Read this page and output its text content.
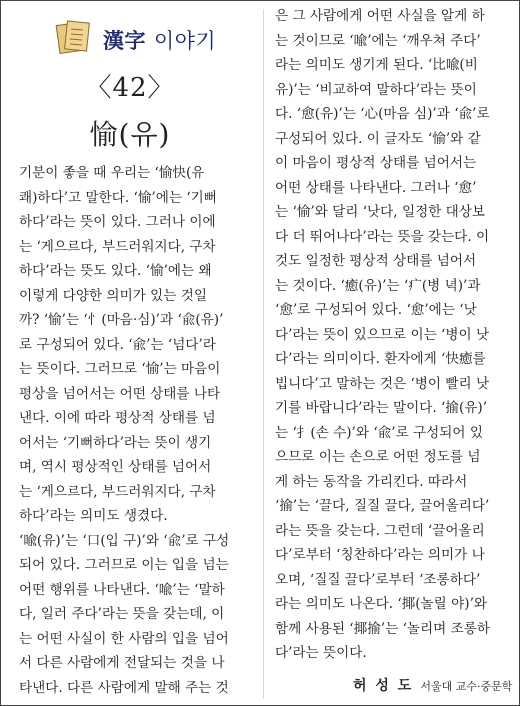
漢字 이야기
〈42〉
愉(유)
기분이 좋을 때 우리는 ‘愉快(유
쾌)하다’고 말한다. ‘愉’에는 ‘기뻐
하다’라는 뜻이 있다. 그러나 이에
는 ‘게으르다, 부드러워지다, 구차
하다’라는 뜻도 있다. ‘愉’에는 왜
이렇게 다양한 의미가 있는 것일
까? ‘愉’는 ‘忄(마음·심)’과 ‘兪(유)’
로 구성되어 있다. ‘兪’는 ‘넘다’라
는 뜻이다. 그러므로 ‘愉’는 마음이
평상을 넘어서는 어떤 상태를 나타
낸다. 이에 따라 평상적 상태를 넘
어서는 ‘기뻐하다’라는 뜻이 생기
며, 역시 평상적인 상태를 넘어서
는 ‘게으르다, 부드러워지다, 구차
하다’라는 의미도 생겼다.
‘喩(유)’는 ‘口(입 구)’와 ‘兪’로 구성
되어 있다. 그러므로 이는 입을 넘는
어떤 행위를 나타낸다. ‘喩’는 ‘말하
다, 일러 주다’라는 뜻을 갖는데, 이
는 어떤 사실이 한 사람의 입을 넘어
서 다른 사람에게 전달되는 것을 나
타낸다. 다른 사람에게 말해 주는 것
은 그 사람에게 어떤 사실을 알게 하
는 것이므로 ‘喩’에는 ‘깨우쳐 주다’
라는 의미도 생기게 된다. ‘比喩(비
유)’는 ‘비교하여 말하다’라는 뜻이
다. ‘愈(유)’는 ‘心(마음 심)’과 ‘兪’로
구성되어 있다. 이 글자도 ‘愉’와 같
이 마음이 평상적 상태를 넘어서는
어떤 상태를 나타낸다. 그러나 ‘愈’
는 ‘愉’와 달리 ‘낫다, 일정한 대상보
다 더 뛰어나다’라는 뜻을 갖는다. 이
것도 일정한 평상적 상태를 넘어서
는 것이다. ‘癒(유)’는 ‘疒(병 녁)’과
‘愈’로 구성되어 있다. ‘愈’에는 ‘낫
다’라는 뜻이 있으므로 이는 ‘병이 낫
다’라는 의미이다. 환자에게 ‘快癒를
빕니다’고 말하는 것은 ‘병이 빨리 낫
기를 바랍니다’라는 말이다. ‘揄(유)’
는 ‘扌(손 수)’와 ‘兪’로 구성되어 있
으므로 이는 손으로 어떤 정도를 넘
게 하는 동작을 가리킨다. 따라서
‘揄’는 ‘끌다, 질질 끌다, 끌어올리다’
라는 뜻을 갖는다. 그런데 ‘끌어올리
다’로부터 ‘칭찬하다’라는 의미가 나
오며, ‘질질 끌다’로부터 ‘조롱하다’
라는 의미도 나온다. ‘揶(놀릴 야)’와
함께 사용된 ‘揶揄’는 ‘놀리며 조롱하
다’라는 뜻이다.
허 성 도 서울대 교수·중문학
